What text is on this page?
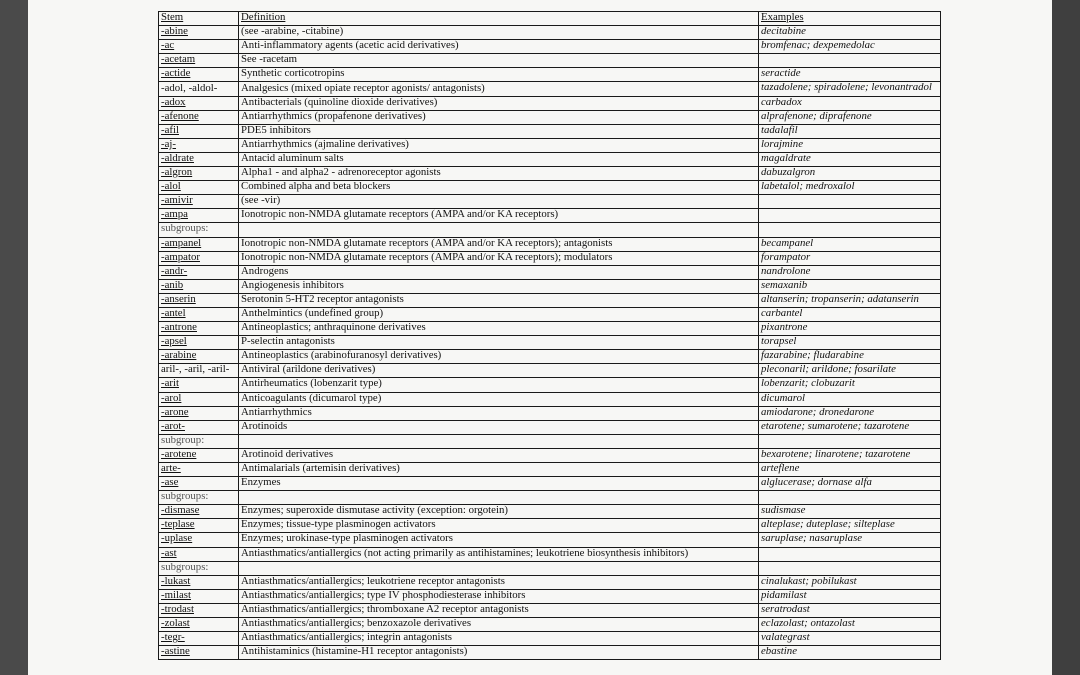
Stem	Definition	Examples
-abine	(see -arabine, -citabine)	decitabine
-ac	Anti-inflammatory agents (acetic acid derivatives)	bromfenac; dexpemedolac
-acetam	See -racetam	
-actide	Synthetic corticotropins	seractide
-adol, -aldol-	Analgesics (mixed opiate receptor agonists/ antagonists)	tazadolene; spiradolene; levonantradol
-adox	Antibacterials (quinoline dioxide derivatives)	carbadox
-afenone	Antiarrhythmics (propafenone derivatives)	alprafenone; diprafenone
-afil	PDE5 inhibitors	tadalafil
-aj-	Antiarrhythmics (ajmaline derivatives)	lorajmine
-aldrate	Antacid aluminum salts	magaldrate
-algron	Alpha1 - and alpha2 - adrenoreceptor agonists	dabuzalgron
-alol	Combined alpha and beta blockers	labetalol; medroxalol
-amivir	(see -vir)	
-ampa	Ionotropic non-NMDA glutamate receptors (AMPA and/or KA receptors)	
subgroups:		
-ampanel	Ionotropic non-NMDA glutamate receptors (AMPA and/or KA receptors); antagonists	becampanel
-ampator	Ionotropic non-NMDA glutamate receptors (AMPA and/or KA receptors); modulators	forampator
-andr-	Androgens	nandrolone
-anib	Angiogenesis inhibitors	semaxanib
-anserin	Serotonin 5-HT2 receptor antagonists	altanserin; tropanserin; adatanserin
-antel	Anthelmintics (undefined group)	carbantel
-antrone	Antineoplastics; anthraquinone derivatives	pixantrone
-apsel	P-selectin antagonists	torapsel
-arabine	Antineoplastics (arabinofuranosyl derivatives)	fazarabine; fludarabine
aril-, -aril, -aril-	Antiviral (arildone derivatives)	pleconaril; arildone; fosarilate
-arit	Antirheumatics (lobenzarit type)	lobenzarit; clobuzarit
-arol	Anticoagulants (dicumarol type)	dicumarol
-arone	Antiarrhythmics	amiodarone; dronedarone
-arot-	Arotinoids	etarotene; sumarotene; tazarotene
subgroup:		
-arotene	Arotinoid derivatives	bexarotene; linarotene; tazarotene
arte-	Antimalarials (artemisin derivatives)	arteflene
-ase	Enzymes	alglucerase; dornase alfa
subgroups:		
-dismase	Enzymes; superoxide dismutase activity (exception: orgotein)	sudismase
-teplase	Enzymes; tissue-type plasminogen activators	alteplase; duteplase; silteplase
-uplase	Enzymes; urokinase-type plasminogen activators	saruplase; nasaruplase
-ast	Antiasthmatics/antiallergics (not acting primarily as antihistamines; leukotriene biosynthesis inhibitors)	
subgroups:		
-lukast	Antiasthmatics/antiallergics; leukotriene receptor antagonists	cinalukast; pobilukast
-milast	Antiasthmatics/antiallergics; type IV phosphodiesterase inhibitors	pidamilast
-trodast	Antiasthmatics/antiallergics; thromboxane A2 receptor antagonists	seratrodast
-zolast	Antiasthmatics/antiallergics; benzoxazole derivatives	eclazolast; ontazolast
-tegr-	Antiasthmatics/antiallergics; integrin antagonists	valategrast
-astine	Antihistaminics (histamine-H1 receptor antagonists)	ebastine
